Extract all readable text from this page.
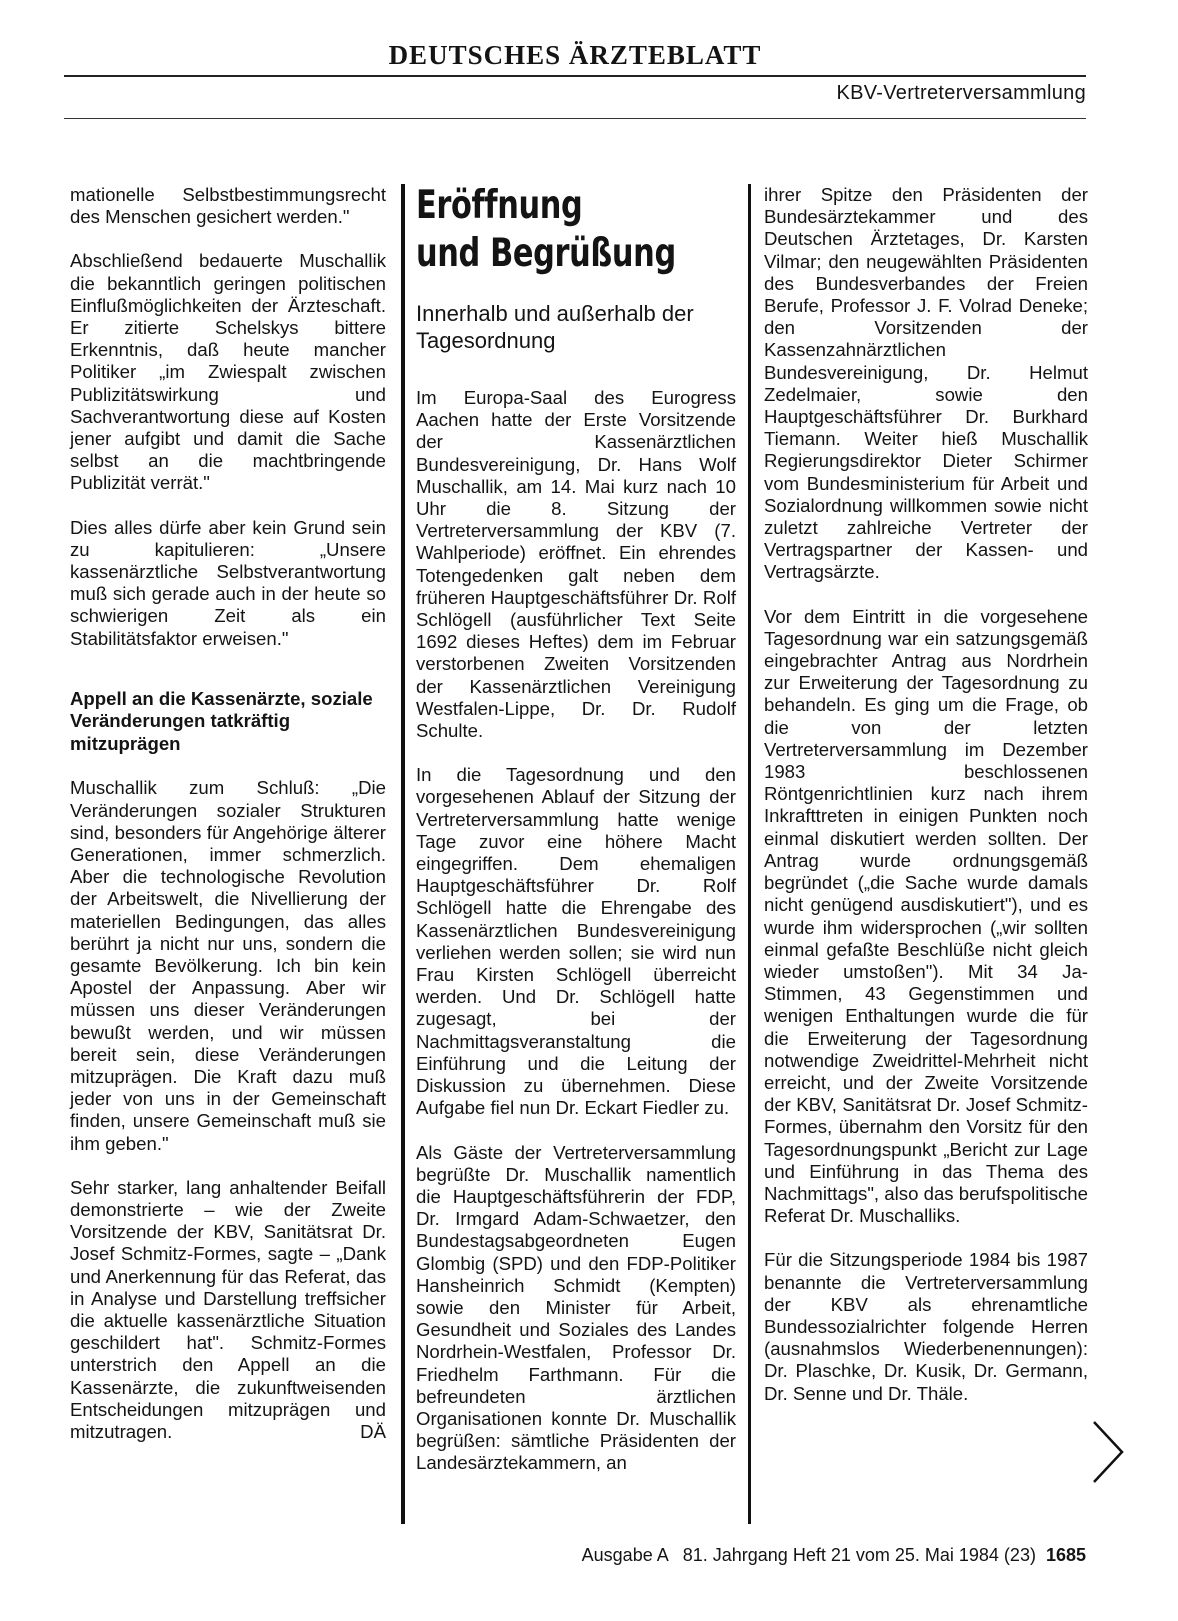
DEUTSCHES ÄRZTEBLATT
KBV-Vertreterversammlung

mationelle Selbstbestimmungsrecht des Menschen gesichert werden."

Abschließend bedauerte Muschallik die bekanntlich geringen politischen Einflußmöglichkeiten der Ärzteschaft. Er zitierte Schelskys bittere Erkenntnis, daß heute mancher Politiker „im Zwiespalt zwischen Publizitätswirkung und Sachverantwortung diese auf Kosten jener aufgibt und damit die Sache selbst an die machtbringende Publizität verrät."

Dies alles dürfe aber kein Grund sein zu kapitulieren: „Unsere kassenärztliche Selbstverantwortung muß sich gerade auch in der heute so schwierigen Zeit als ein Stabilitätsfaktor erweisen."

Appell an die Kassenärzte, soziale Veränderungen tatkräftig mitzuprägen

Muschallik zum Schluß: „Die Veränderungen sozialer Strukturen sind, besonders für Angehörige älterer Generationen, immer schmerzlich. Aber die technologische Revolution der Arbeitswelt, die Nivellierung der materiellen Bedingungen, das alles berührt ja nicht nur uns, sondern die gesamte Bevölkerung. Ich bin kein Apostel der Anpassung. Aber wir müssen uns dieser Veränderungen bewußt werden, und wir müssen bereit sein, diese Veränderungen mitzuprägen. Die Kraft dazu muß jeder von uns in der Gemeinschaft finden, unsere Gemeinschaft muß sie ihm geben."

Sehr starker, lang anhaltender Beifall demonstrierte – wie der Zweite Vorsitzende der KBV, Sanitätsrat Dr. Josef Schmitz-Formes, sagte – „Dank und Anerkennung für das Referat, das in Analyse und Darstellung treffsicher die aktuelle kassenärztliche Situation geschildert hat". Schmitz-Formes unterstrich den Appell an die Kassenärzte, die zukunftweisenden Entscheidungen mitzuprägen und mitzutragen.	DÄ

Eröffnung
und Begrüßung
Innerhalb und außerhalb der Tagesordnung

Im Europa-Saal des Eurogress Aachen hatte der Erste Vorsitzende der Kassenärztlichen Bundesvereinigung, Dr. Hans Wolf Muschallik, am 14. Mai kurz nach 10 Uhr die 8. Sitzung der Vertreterversammlung der KBV (7. Wahlperiode) eröffnet. Ein ehrendes Totengedenken galt neben dem früheren Hauptgeschäftsführer Dr. Rolf Schlögell (ausführlicher Text Seite 1692 dieses Heftes) dem im Februar verstorbenen Zweiten Vorsitzenden der Kassenärztlichen Vereinigung Westfalen-Lippe, Dr. Dr. Rudolf Schulte.

In die Tagesordnung und den vorgesehenen Ablauf der Sitzung der Vertreterversammlung hatte wenige Tage zuvor eine höhere Macht eingegriffen. Dem ehemaligen Hauptgeschäftsführer Dr. Rolf Schlögell hatte die Ehrengabe des Kassenärztlichen Bundesvereinigung verliehen werden sollen; sie wird nun Frau Kirsten Schlögell überreicht werden. Und Dr. Schlögell hatte zugesagt, bei der Nachmittagsveranstaltung die Einführung und die Leitung der Diskussion zu übernehmen. Diese Aufgabe fiel nun Dr. Eckart Fiedler zu.

Als Gäste der Vertreterversammlung begrüßte Dr. Muschallik namentlich die Hauptgeschäftsführerin der FDP, Dr. Irmgard Adam-Schwaetzer, den Bundestagsabgeordneten Eugen Glombig (SPD) und den FDP-Politiker Hansheinrich Schmidt (Kempten) sowie den Minister für Arbeit, Gesundheit und Soziales des Landes Nordrhein-Westfalen, Professor Dr. Friedhelm Farthmann. Für die befreundeten ärztlichen Organisationen konnte Dr. Muschallik begrüßen: sämtliche Präsidenten der Landesärztekammern, an

ihrer Spitze den Präsidenten der Bundesärztekammer und des Deutschen Ärztetages, Dr. Karsten Vilmar; den neugewählten Präsidenten des Bundesverbandes der Freien Berufe, Professor J. F. Volrad Deneke; den Vorsitzenden der Kassenzahnärztlichen Bundesvereinigung, Dr. Helmut Zedelmaier, sowie den Hauptgeschäftsführer Dr. Burkhard Tiemann. Weiter hieß Muschallik Regierungsdirektor Dieter Schirmer vom Bundesministerium für Arbeit und Sozialordnung willkommen sowie nicht zuletzt zahlreiche Vertreter der Vertragspartner der Kassen- und Vertragsärzte.

Vor dem Eintritt in die vorgesehene Tagesordnung war ein satzungsgemäß eingebrachter Antrag aus Nordrhein zur Erweiterung der Tagesordnung zu behandeln. Es ging um die Frage, ob die von der letzten Vertreterversammlung im Dezember 1983 beschlossenen Röntgenrichtlinien kurz nach ihrem Inkrafttreten in einigen Punkten noch einmal diskutiert werden sollten. Der Antrag wurde ordnungsgemäß begründet („die Sache wurde damals nicht genügend ausdiskutiert"), und es wurde ihm widersprochen („wir sollten einmal gefaßte Beschlüße nicht gleich wieder umstoßen"). Mit 34 Ja-Stimmen, 43 Gegenstimmen und wenigen Enthaltungen wurde die für die Erweiterung der Tagesordnung notwendige Zweidrittel-Mehrheit nicht erreicht, und der Zweite Vorsitzende der KBV, Sanitätsrat Dr. Josef Schmitz-Formes, übernahm den Vorsitz für den Tagesordnungspunkt „Bericht zur Lage und Einführung in das Thema des Nachmittags", also das berufspolitische Referat Dr. Muschalliks.

Für die Sitzungsperiode 1984 bis 1987 benannte die Vertreterversammlung der KBV als ehrenamtliche Bundessozialrichter folgende Herren (ausnahmslos Wiederbenennungen): Dr. Plaschke, Dr. Kusik, Dr. Germann, Dr. Senne und Dr. Thäle.

Ausgabe A   81. Jahrgang Heft 21 vom 25. Mai 1984 (23) 1685
